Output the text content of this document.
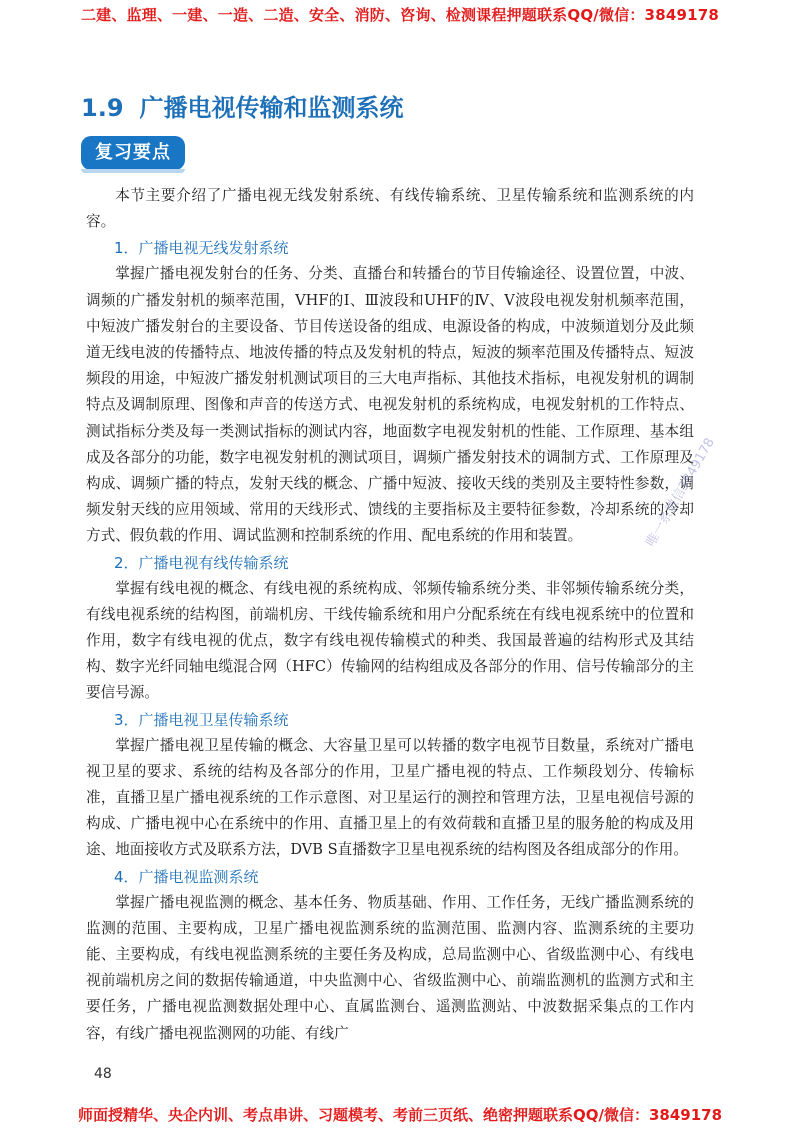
二建、监理、一建、一造、二造、安全、消防、咨询、检测课程押题联系QQ/微信：3849178
1.9 广播电视传输和监测系统
复习要点

本节主要介绍了广播电视无线发射系统、有线传输系统、卫星传输系统和监测系统的内容。

1．广播电视无线发射系统

掌握广播电视发射台的任务、分类、直播台和转播台的节目传输途径、设置位置，中波、调频的广播发射机的频率范围，VHF的Ⅰ、Ⅲ波段和UHF的Ⅳ、Ⅴ波段电视发射机频率范围，中短波广播发射台的主要设备、节目传送设备的组成、电源设备的构成，中波频道划分及此频道无线电波的传播特点、地波传播的特点及发射机的特点，短波的频率范围及传播特点、短波频段的用途，中短波广播发射机测试项目的三大电声指标、其他技术指标，电视发射机的调制特点及调制原理、图像和声音的传送方式、电视发射机的系统构成，电视发射机的工作特点、测试指标分类及每一类测试指标的测试内容，地面数字电视发射机的性能、工作原理、基本组成及各部分的功能，数字电视发射机的测试项目，调频广播发射技术的调制方式、工作原理及构成、调频广播的特点，发射天线的概念、广播中短波、接收天线的类别及主要特性参数，调频发射天线的应用领域、常用的天线形式、馈线的主要指标及主要特征参数，冷却系统的冷却方式、假负载的作用、调试监测和控制系统的作用、配电系统的作用和装置。

2．广播电视有线传输系统

掌握有线电视的概念、有线电视的系统构成、邻频传输系统分类、非邻频传输系统分类，有线电视系统的结构图，前端机房、干线传输系统和用户分配系统在有线电视系统中的位置和作用，数字有线电视的优点，数字有线电视传输模式的种类、我国最普遍的结构形式及其结构、数字光纤同轴电缆混合网（HFC）传输网的结构组成及各部分的作用、信号传输部分的主要信号源。

3．广播电视卫星传输系统

掌握广播电视卫星传输的概念、大容量卫星可以转播的数字电视节目数量，系统对广播电视卫星的要求、系统的结构及各部分的作用，卫星广播电视的特点、工作频段划分、传输标准，直播卫星广播电视系统的工作示意图、对卫星运行的测控和管理方法，卫星电视信号源的构成、广播电视中心在系统中的作用、直播卫星上的有效荷载和直播卫星的服务舱的构成及用途、地面接收方式及联系方法，DVB S直播数字卫星电视系统的结构图及各组成部分的作用。

4．广播电视监测系统

掌握广播电视监测的概念、基本任务、物质基础、作用、工作任务，无线广播监测系统的监测的范围、主要构成，卫星广播电视监测系统的监测范围、监测内容、监测系统的主要功能、主要构成，有线电视监测系统的主要任务及构成，总局监测中心、省级监测中心、有线电视前端机房之间的数据传输通道，中央监测中心、省级监测中心、前端监测机的监测方式和主要任务，广播电视监测数据处理中心、直属监测台、遥测监测站、中波数据采集点的工作内容，有线广播电视监测网的功能、有线广

唯一系微信3849178
48
师面授精华、央企内训、考点串讲、习题模考、考前三页纸、绝密押题联系QQ/微信：3849178
